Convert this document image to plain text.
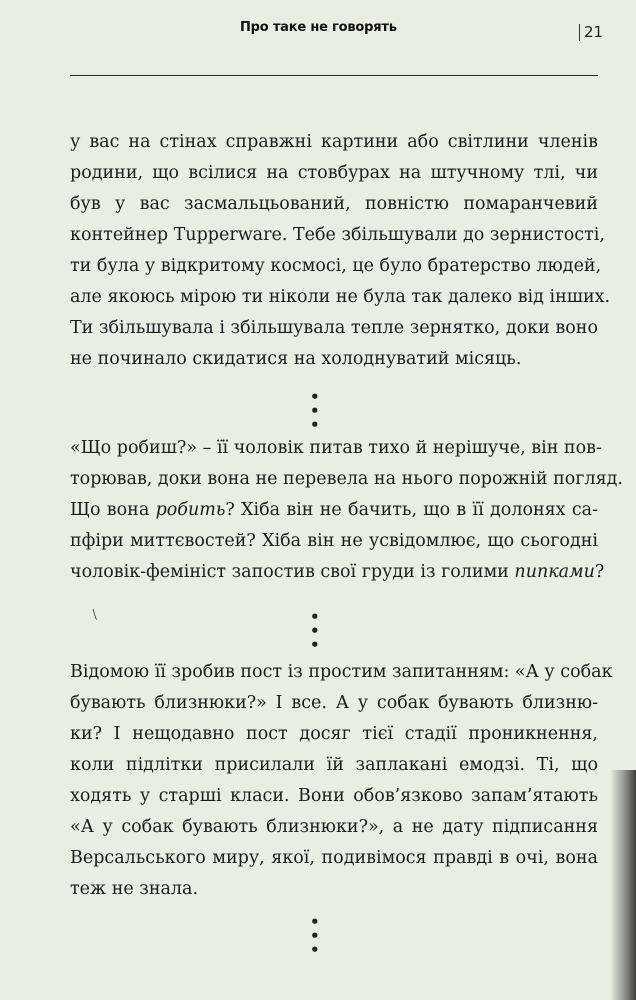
Про таке не говорять	21
у вас на стінах справжні картини або світлини членів
родини, що всілися на стовбурах на штучному тлі, чи
був у вас засмальцьований, повністю помаранчевий
контейнер Tupperware. Тебе збільшували до зернистості,
ти була у відкритому космосі, це було братерство людей,
але якоюсь мірою ти ніколи не була так далеко від інших.
Ти збільшувала і збільшувала тепле зернятко, доки воно
не починало скидатися на холоднуватий місяць.
• • •
«Що робиш?» – її чоловік питав тихо й нерішуче, він пов-
торював, доки вона не перевела на нього порожній погляд.
Що вона робить? Хіба він не бачить, що в її долонях са-
пфіри миттєвостей? Хіба він не усвідомлює, що сьогодні
чоловік-фемініст запостив свої груди із голими пипками?
• • •
Відомою її зробив пост із простим запитанням: «А у собак
бувають близнюки?» І все. А у собак бувають близню-
ки? І нещодавно пост досяг тієї стадії проникнення,
коли підлітки присилали їй заплакані емодзі. Ті, що
ходять у старші класи. Вони обов’язково запам’ятають
«А у собак бувають близнюки?», а не дату підписання
Версальського миру, якої, подивімося правді в очі, вона
теж не знала.
• • •
